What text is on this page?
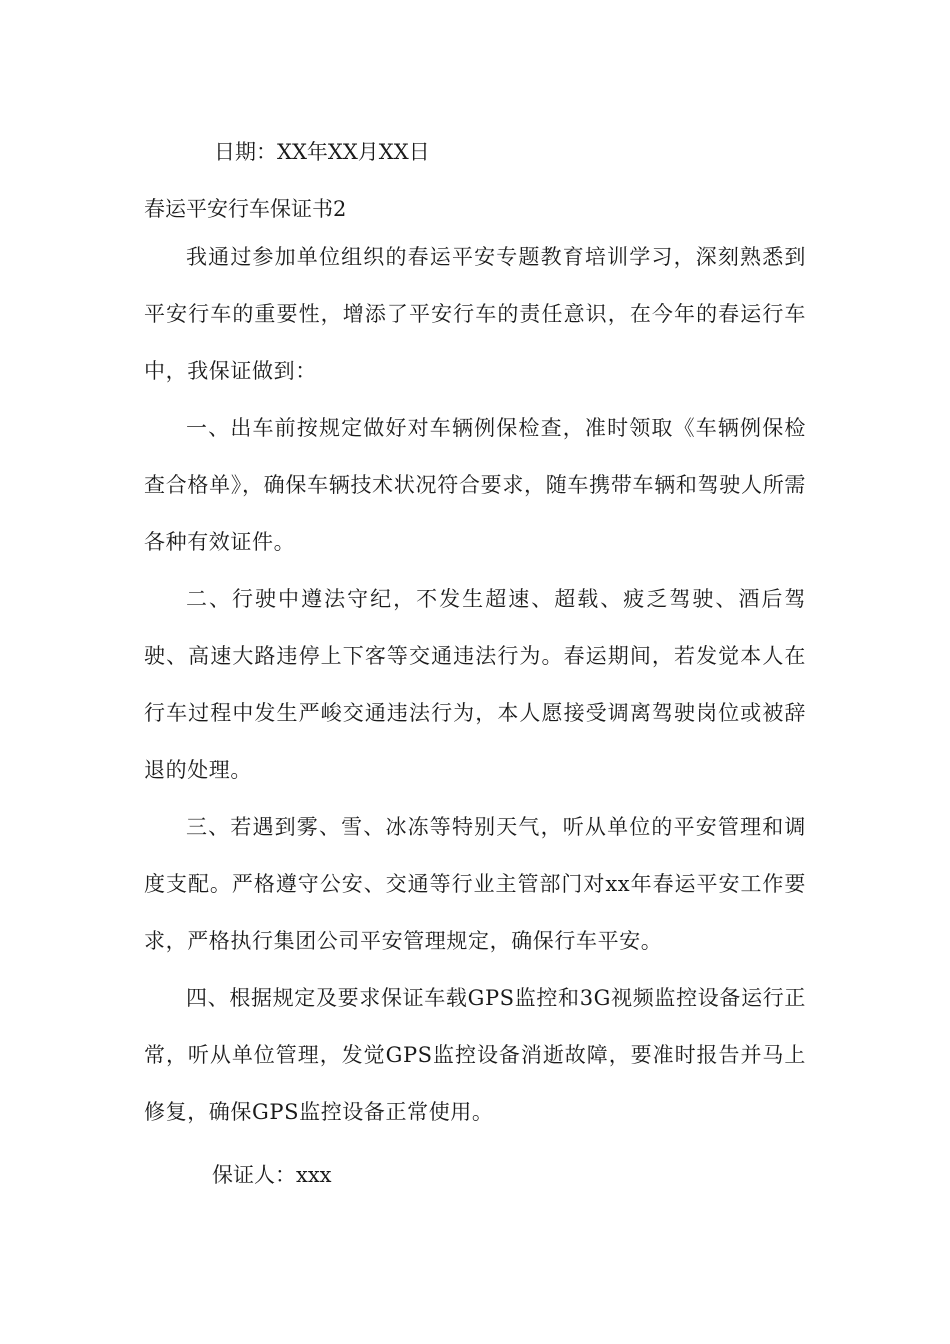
日期：XX年XX月XX日

春运平安行车保证书2

我通过参加单位组织的春运平安专题教育培训学习，深刻熟悉到平安行车的重要性，增添了平安行车的责任意识，在今年的春运行车中，我保证做到：

一、出车前按规定做好对车辆例保检查，准时领取《车辆例保检查合格单》，确保车辆技术状况符合要求，随车携带车辆和驾驶人所需各种有效证件。

二、行驶中遵法守纪，不发生超速、超载、疲乏驾驶、酒后驾驶、高速大路违停上下客等交通违法行为。春运期间，若发觉本人在行车过程中发生严峻交通违法行为，本人愿接受调离驾驶岗位或被辞退的处理。

三、若遇到雾、雪、冰冻等特别天气，听从单位的平安管理和调度支配。严格遵守公安、交通等行业主管部门对xx年春运平安工作要求，严格执行集团公司平安管理规定，确保行车平安。

四、根据规定及要求保证车载GPS监控和3G视频监控设备运行正常，听从单位管理，发觉GPS监控设备消逝故障，要准时报告并马上修复，确保GPS监控设备正常使用。

保证人：xxx
